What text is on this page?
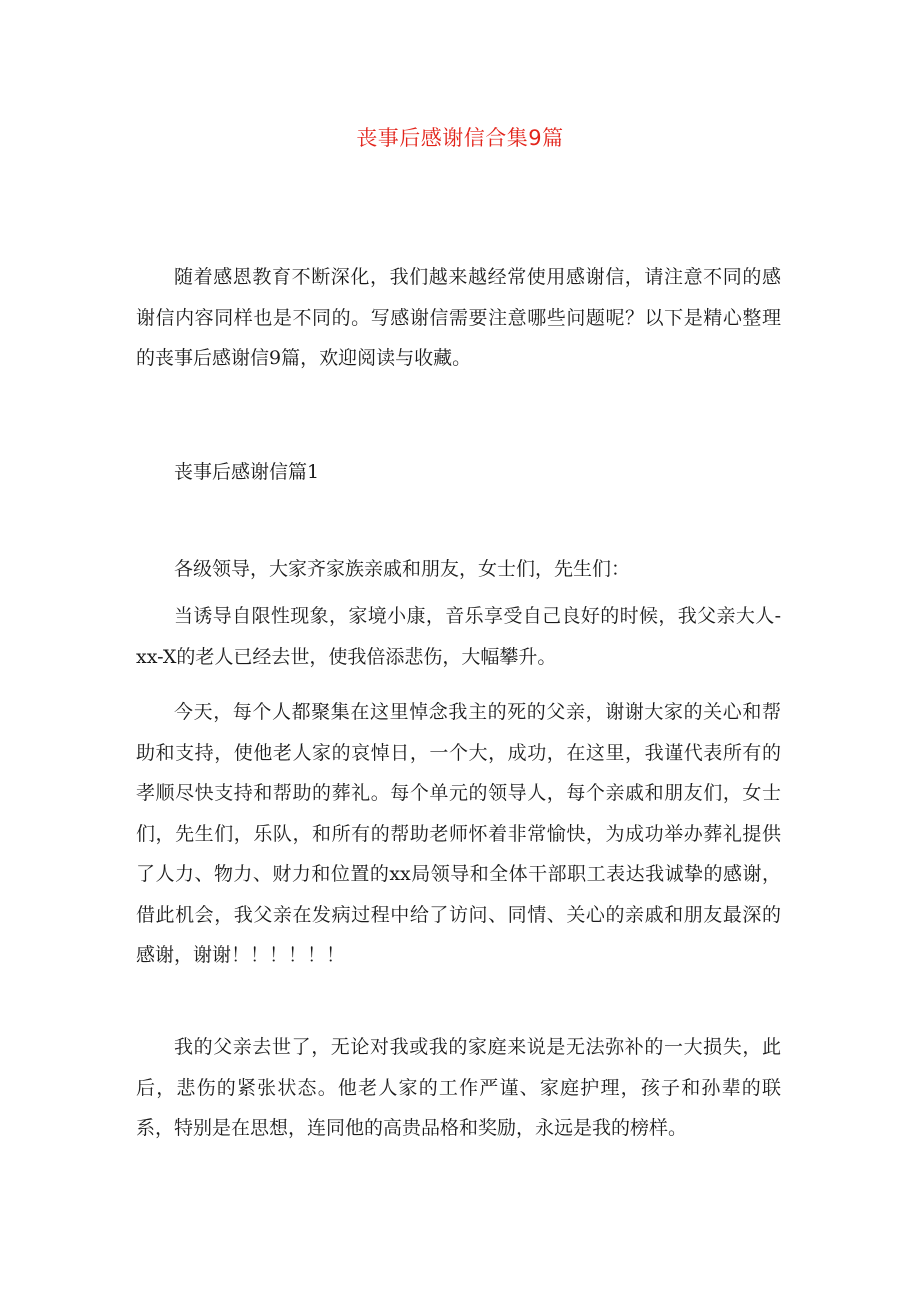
丧事后感谢信合集9篇

随着感恩教育不断深化，我们越来越经常使用感谢信，请注意不同的感谢信内容同样也是不同的。写感谢信需要注意哪些问题呢？以下是精心整理的丧事后感谢信9篇，欢迎阅读与收藏。

丧事后感谢信篇1

各级领导，大家齐家族亲戚和朋友，女士们，先生们：

当诱导自限性现象，家境小康，音乐享受自己良好的时候，我父亲大人-xx-X的老人已经去世，使我倍添悲伤，大幅攀升。

今天，每个人都聚集在这里悼念我主的死的父亲，谢谢大家的关心和帮助和支持，使他老人家的哀悼日，一个大，成功，在这里，我谨代表所有的孝顺尽快支持和帮助的葬礼。每个单元的领导人，每个亲戚和朋友们，女士们，先生们，乐队，和所有的帮助老师怀着非常愉快，为成功举办葬礼提供了人力、物力、财力和位置的xx局领导和全体干部职工表达我诚挚的感谢，借此机会，我父亲在发病过程中给了访问、同情、关心的亲戚和朋友最深的感谢，谢谢！！！！！！

我的父亲去世了，无论对我或我的家庭来说是无法弥补的一大损失，此后，悲伤的紧张状态。他老人家的工作严谨、家庭护理，孩子和孙辈的联系，特别是在思想，连同他的高贵品格和奖励，永远是我的榜样。
